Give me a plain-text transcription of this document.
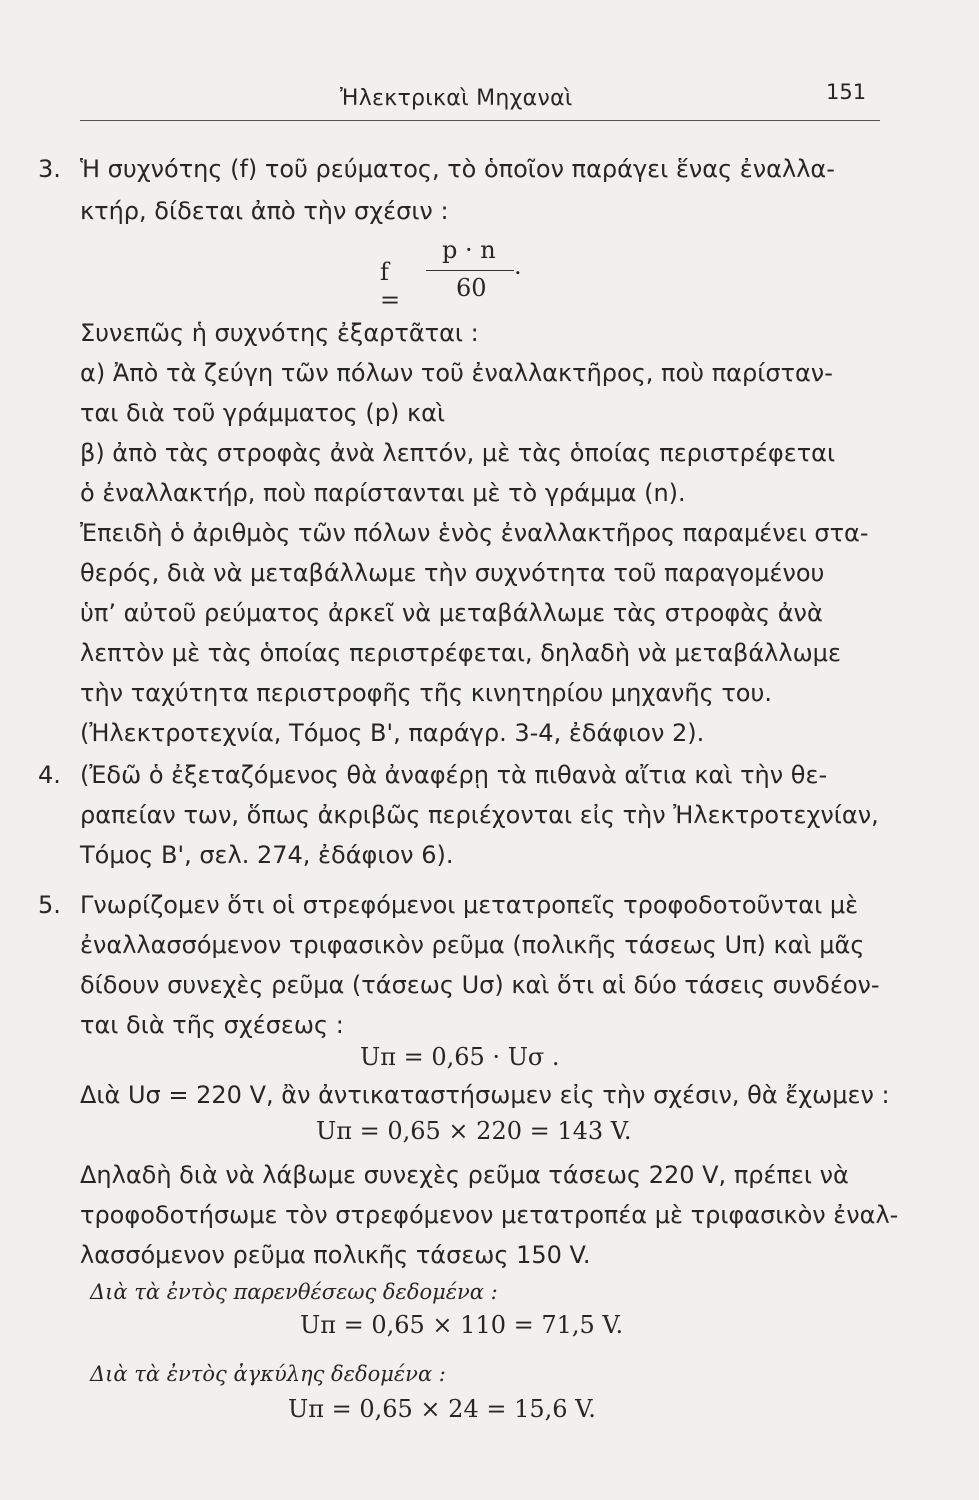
Ἠλεκτρικαὶ Μηχαναὶ	151
3. Ἡ συχνότης (f) τοῦ ρεύματος, τὸ ὁποῖον παράγει ἕνας ἐναλλα-
κτήρ, δίδεται ἀπὸ τὴν σχέσιν :
f =
p · n
60
.
Συνεπῶς ἡ συχνότης ἐξαρτᾶται :
α) Ἀπὸ τὰ ζεύγη τῶν πόλων τοῦ ἐναλλακτῆρος, ποὺ παρίσταν-
ται διὰ τοῦ γράμματος (p) καὶ
β) ἀπὸ τὰς στροφὰς ἀνὰ λεπτόν, μὲ τὰς ὁποίας περιστρέφεται
ὁ ἐναλλακτήρ, ποὺ παρίστανται μὲ τὸ γράμμα (n).
Ἐπειδὴ ὁ ἀριθμὸς τῶν πόλων ἑνὸς ἐναλλακτῆρος παραμένει στα-
θερός, διὰ νὰ μεταβάλλωμε τὴν συχνότητα τοῦ παραγομένου
ὑπ’ αὐτοῦ ρεύματος ἀρκεῖ νὰ μεταβάλλωμε τὰς στροφὰς ἀνὰ
λεπτὸν μὲ τὰς ὁποίας περιστρέφεται, δηλαδὴ νὰ μεταβάλλωμε
τὴν ταχύτητα περιστροφῆς τῆς κινητηρίου μηχανῆς του.
(Ἠλεκτροτεχνία, Τόμος Β', παράγρ. 3-4, ἐδάφιον 2).
4. (Ἐδῶ ὁ ἐξεταζόμενος θὰ ἀναφέρῃ τὰ πιθανὰ αἴτια καὶ τὴν θε-
ραπείαν των, ὅπως ἀκριβῶς περιέχονται εἰς τὴν Ἠλεκτροτεχνίαν,
Τόμος Β', σελ. 274, ἐδάφιον 6).
5. Γνωρίζομεν ὅτι οἱ στρεφόμενοι μετατροπεῖς τροφοδοτοῦνται μὲ
ἐναλλασσόμενον τριφασικὸν ρεῦμα (πολικῆς τάσεως Uπ) καὶ μᾶς
δίδουν συνεχὲς ρεῦμα (τάσεως Uσ) καὶ ὅτι αἱ δύο τάσεις συνδέον-
ται διὰ τῆς σχέσεως :
Uπ = 0,65 · Uσ .
Διὰ Uσ = 220 V, ἂν ἀντικαταστήσωμεν εἰς τὴν σχέσιν, θὰ ἔχωμεν :
Uπ = 0,65 × 220 = 143 V.
Δηλαδὴ διὰ νὰ λάβωμε συνεχὲς ρεῦμα τάσεως 220 V, πρέπει νὰ
τροφοδοτήσωμε τὸν στρεφόμενον μετατροπέα μὲ τριφασικὸν ἐναλ-
λασσόμενον ρεῦμα πολικῆς τάσεως 150 V.
Διὰ τὰ ἐντὸς παρενθέσεως δεδομένα :
Uπ = 0,65 × 110 = 71,5 V.
Διὰ τὰ ἐντὸς ἀγκύλης δεδομένα :
Uπ = 0,65 × 24 = 15,6 V.
